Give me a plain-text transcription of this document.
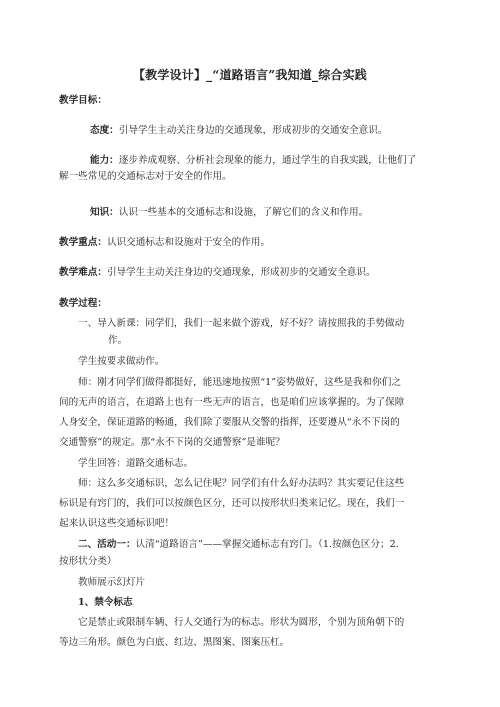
【教学设计】_“道路语言”我知道_综合实践
教学目标：
态度：引导学生主动关注身边的交通现象，形成初步的交通安全意识。
能力：逐步养成观察、分析社会现象的能力，通过学生的自我实践，让他们了
解一些常见的交通标志对于安全的作用。
知识：认识一些基本的交通标志和设施，了解它们的含义和作用。
教学重点：认识交通标志和设施对于安全的作用。
教学难点：引导学生主动关注身边的交通现象，形成初步的交通安全意识。
教学过程：
一、导入新课：同学们，我们一起来做个游戏，好不好？请按照我的手势做动
作。
学生按要求做动作。
师：刚才同学们做得都挺好，能迅速地按照“1”姿势做好，这些是我和你们之
间的无声的语言，在道路上也有一些无声的语言，也是咱们应该掌握的。为了保障
人身安全，保证道路的畅通，我们除了要服从交警的指挥，还要遵从“永不下岗的
交通警察”的规定。那“永不下岗的交通警察”是谁呢？
学生回答：道路交通标志。
师：这么多交通标识，怎么记住呢？同学们有什么好办法吗？其实要记住这些
标识是有窍门的，我们可以按颜色区分，还可以按形状归类来记忆。现在，我们一
起来认识这些交通标识吧！
二、活动一：认清“道路语言”——掌握交通标志有窍门。（1.按颜色区分；2.
按形状分类）
教师展示幻灯片
1、禁令标志
它是禁止或限制车辆、行人交通行为的标志。形状为圆形，个别为顶角朝下的
等边三角形。颜色为白底、红边、黑图案、图案压杠。
